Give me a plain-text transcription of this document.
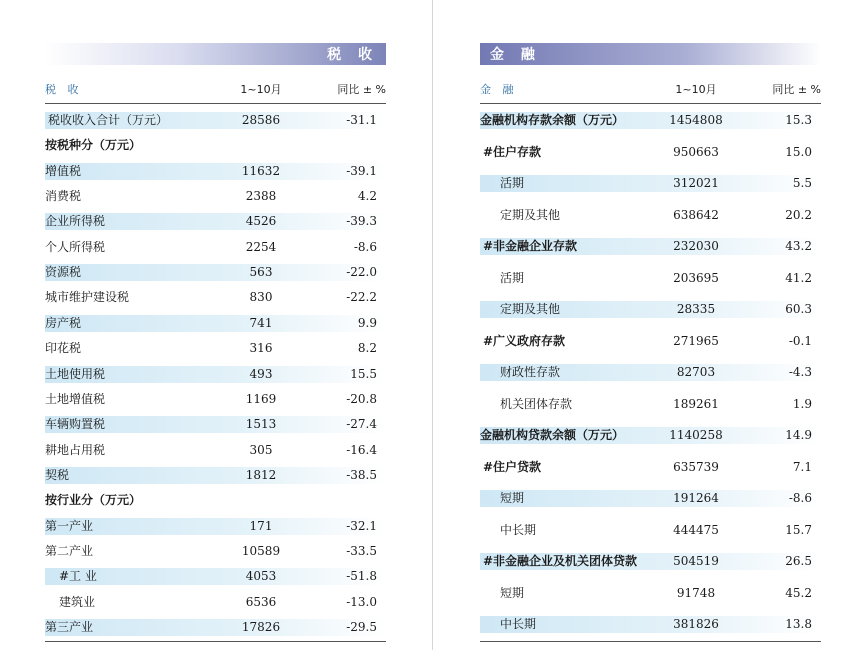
税 收
税 收	1~10月	同比 ± %
税收收入合计（万元）	28586	-31.1
按税种分（万元）
增值税	11632	-39.1
消费税	2388	4.2
企业所得税	4526	-39.3
个人所得税	2254	-8.6
资源税	563	-22.0
城市维护建设税	830	-22.2
房产税	741	9.9
印花税	316	8.2
土地使用税	493	15.5
土地增值税	1169	-20.8
车辆购置税	1513	-27.4
耕地占用税	305	-16.4
契税	1812	-38.5
按行业分（万元）
第一产业	171	-32.1
第二产业	10589	-33.5
#工 业	4053	-51.8
建筑业	6536	-13.0
第三产业	17826	-29.5
金 融
金 融	1~10月	同比 ± %
金融机构存款余额（万元）	1454808	15.3
#住户存款	950663	15.0
活期	312021	5.5
定期及其他	638642	20.2
#非金融企业存款	232030	43.2
活期	203695	41.2
定期及其他	28335	60.3
#广义政府存款	271965	-0.1
财政性存款	82703	-4.3
机关团体存款	189261	1.9
金融机构贷款余额（万元）	1140258	14.9
#住户贷款	635739	7.1
短期	191264	-8.6
中长期	444475	15.7
#非金融企业及机关团体贷款	504519	26.5
短期	91748	45.2
中长期	381826	13.8
